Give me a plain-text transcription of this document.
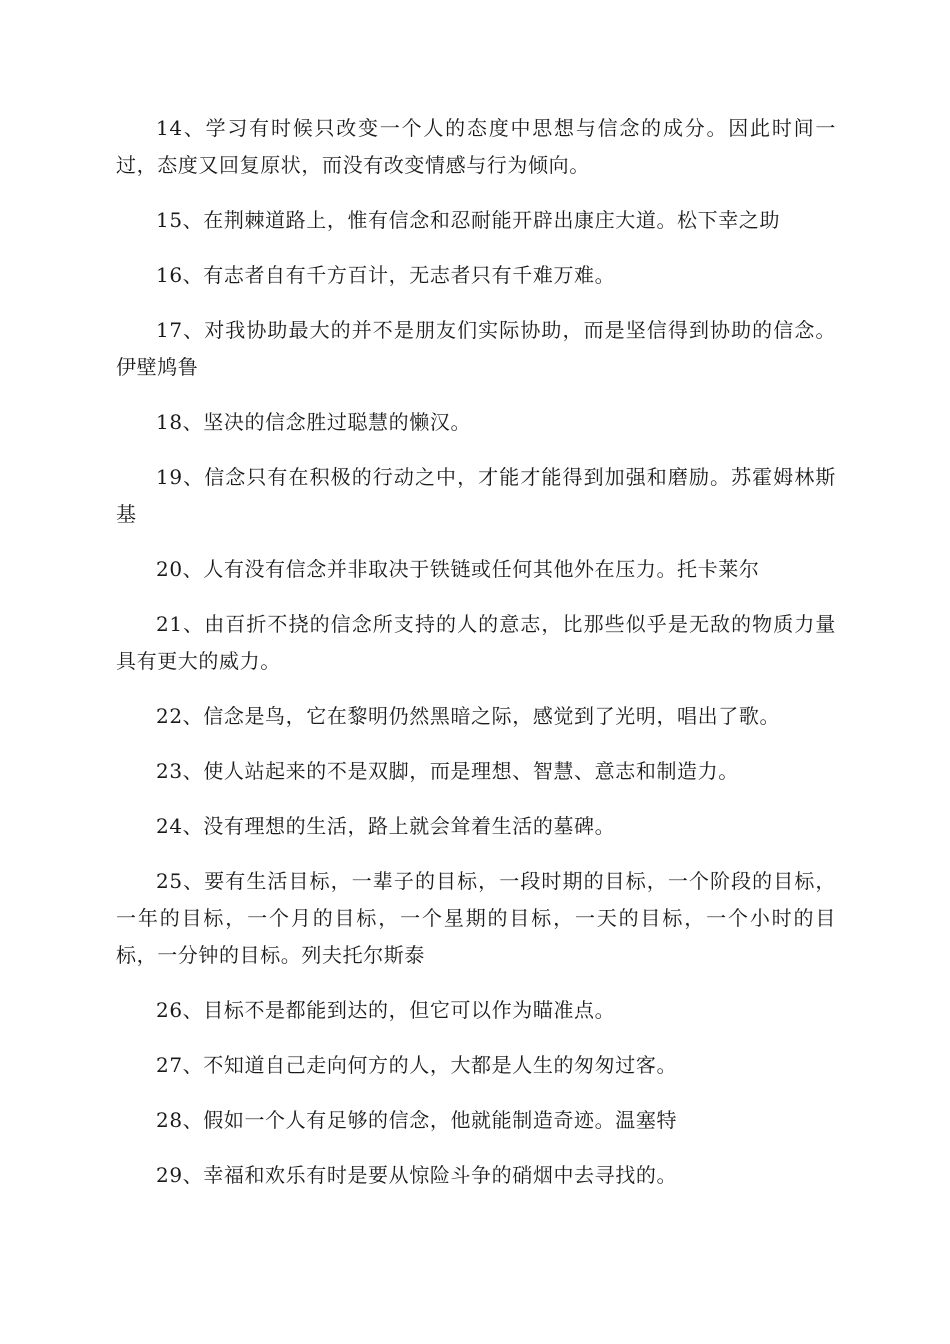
14、学习有时候只改变一个人的态度中思想与信念的成分。因此时间一过，态度又回复原状，而没有改变情感与行为倾向。

15、在荆棘道路上，惟有信念和忍耐能开辟出康庄大道。松下幸之助

16、有志者自有千方百计，无志者只有千难万难。

17、对我协助最大的并不是朋友们实际协助，而是坚信得到协助的信念。伊壁鸠鲁

18、坚决的信念胜过聪慧的懒汉。

19、信念只有在积极的行动之中，才能才能得到加强和磨励。苏霍姆林斯基

20、人有没有信念并非取决于铁链或任何其他外在压力。托卡莱尔

21、由百折不挠的信念所支持的人的意志，比那些似乎是无敌的物质力量具有更大的威力。

22、信念是鸟，它在黎明仍然黑暗之际，感觉到了光明，唱出了歌。

23、使人站起来的不是双脚，而是理想、智慧、意志和制造力。

24、没有理想的生活，路上就会耸着生活的墓碑。

25、要有生活目标，一辈子的目标，一段时期的目标，一个阶段的目标，一年的目标，一个月的目标，一个星期的目标，一天的目标，一个小时的目标，一分钟的目标。列夫托尔斯泰

26、目标不是都能到达的，但它可以作为瞄准点。

27、不知道自己走向何方的人，大都是人生的匆匆过客。

28、假如一个人有足够的信念，他就能制造奇迹。温塞特

29、幸福和欢乐有时是要从惊险斗争的硝烟中去寻找的。
